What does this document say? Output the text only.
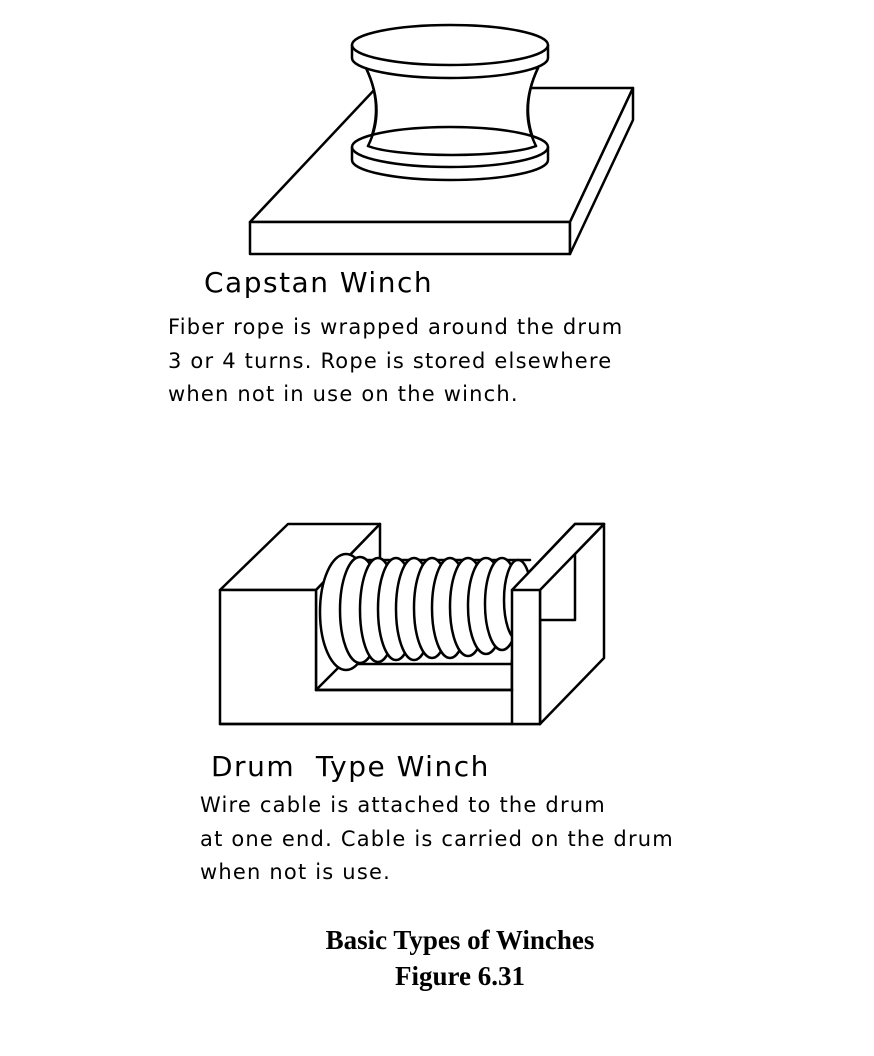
Capstan Winch
Fiber rope is wrapped around the drum
3 or 4 turns. Rope is stored elsewhere
when not in use on the winch.
Drum  Type Winch
Wire cable is attached to the drum
at one end. Cable is carried on the drum
when not is use.
Basic Types of Winches
Figure 6.31
